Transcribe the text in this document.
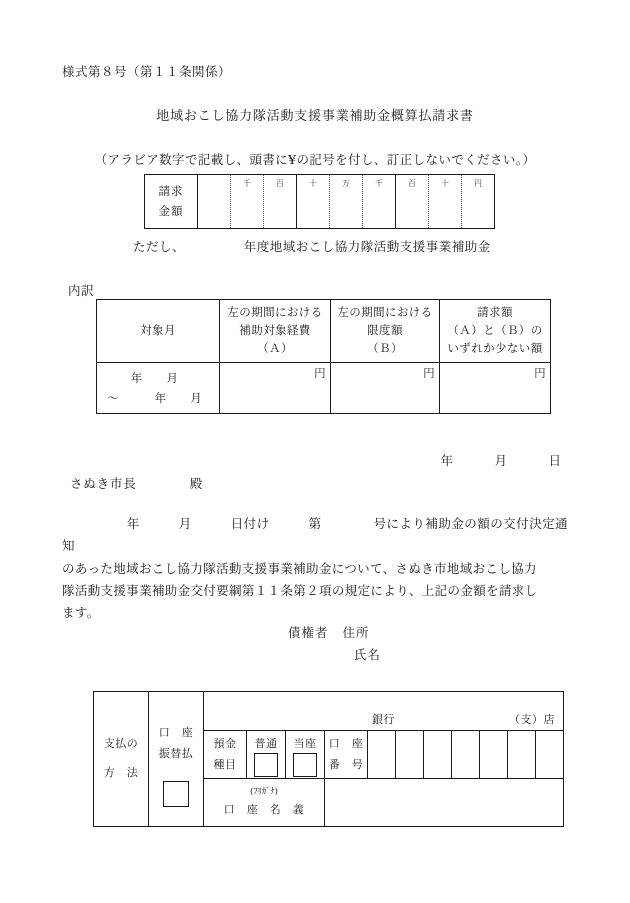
様式第８号（第１１条関係）
地域おこし協力隊活動支援事業補助金概算払請求書
（アラビア数字で記載し、頭書に¥の記号を付し、訂正しないでください。）
請求
金額
		千	百	十	万	千	百	十	円
ただし、　　　　　年度地域おこし協力隊活動支援事業補助金
内訳
対象月

左の期間における
補助対象経費
（Ａ）

左の期間における
限度額
（Ｂ）

請求額
（Ａ）と（Ｂ）の
いずれか少ない額

　　年　　月
～　　　年　　月	円	円	円
年　　　月　　　日
さぬき市長　　　　殿
　　　　　年　　　月　　　日付け　　　第　　　　号により補助金の額の交付決定通知
のあった地域おこし協力隊活動支援事業補助金について、さぬき市地域おこし協力
隊活動支援事業補助金交付要綱第１１条第２項の規定により、上記の金額を請求し
ます。
債権者 住所
氏名
支払の
方　法

口　座
振替払

銀行	（支）店

預金
種目

普通	当座	口　座
番　号

		(ﾌﾘｶﾞﾅ)
口　座　名　義										
